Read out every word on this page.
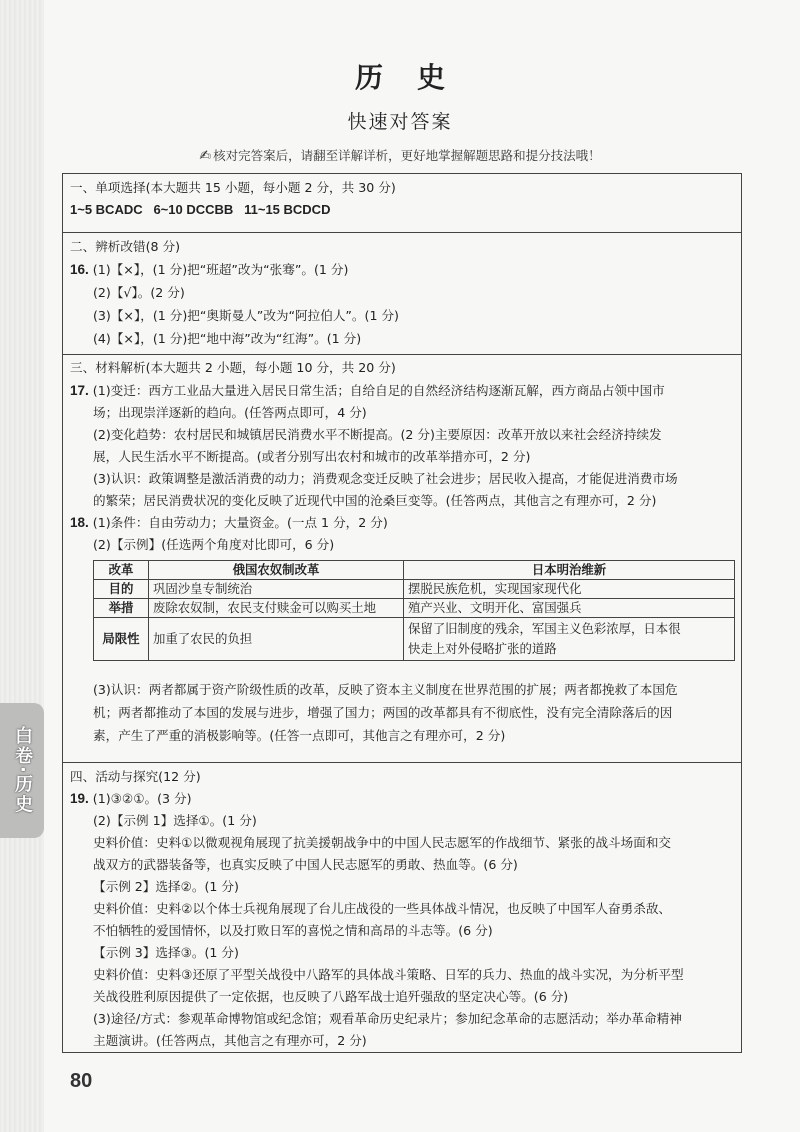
历史
快速对答案
✍ 核对完答案后，请翻至详解详析，更好地掌握解题思路和提分技法哦！
一、单项选择(本大题共 15 小题，每小题 2 分，共 30 分)
1~5 BCADC   6~10 DCCBB   11~15 BCDCD
二、辨析改错(8 分)
16. (1)【×】，(1 分)把“班超”改为“张骞”。(1 分)
(2)【√】。(2 分)
(3)【×】，(1 分)把“奥斯曼人”改为“阿拉伯人”。(1 分)
(4)【×】，(1 分)把“地中海”改为“红海”。(1 分)
三、材料解析(本大题共 2 小题，每小题 10 分，共 20 分)
17. (1)变迁：西方工业品大量进入居民日常生活；自给自足的自然经济结构逐渐瓦解，西方商品占领中国市
场；出现崇洋逐新的趋向。(任答两点即可，4 分)
(2)变化趋势：农村居民和城镇居民消费水平不断提高。(2 分)主要原因：改革开放以来社会经济持续发
展，人民生活水平不断提高。(或者分别写出农村和城市的改革举措亦可，2 分)
(3)认识：政策调整是激活消费的动力；消费观念变迁反映了社会进步；居民收入提高，才能促进消费市场
的繁荣；居民消费状况的变化反映了近现代中国的沧桑巨变等。(任答两点，其他言之有理亦可，2 分)
18. (1)条件：自由劳动力；大量资金。(一点 1 分，2 分)
(2)【示例】(任选两个角度对比即可，6 分)
改革	俄国农奴制改革	日本明治维新
目的	巩固沙皇专制统治	摆脱民族危机，实现国家现代化
举措	废除农奴制，农民支付赎金可以购买土地	殖产兴业、文明开化、富国强兵
局限性	加重了农民的负担	保留了旧制度的残余，军国主义色彩浓厚，日本很
快走上对外侵略扩张的道路
(3)认识：两者都属于资产阶级性质的改革，反映了资本主义制度在世界范围的扩展；两者都挽救了本国危
机；两者都推动了本国的发展与进步，增强了国力；两国的改革都具有不彻底性，没有完全清除落后的因
素，产生了严重的消极影响等。(任答一点即可，其他言之有理亦可，2 分)
四、活动与探究(12 分)
19. (1)③②①。(3 分)
(2)【示例 1】选择①。(1 分)
史料价值：史料①以微观视角展现了抗美援朝战争中的中国人民志愿军的作战细节、紧张的战斗场面和交
战双方的武器装备等，也真实反映了中国人民志愿军的勇敢、热血等。(6 分)
【示例 2】选择②。(1 分)
史料价值：史料②以个体士兵视角展现了台儿庄战役的一些具体战斗情况，也反映了中国军人奋勇杀敌、
不怕牺牲的爱国情怀，以及打败日军的喜悦之情和高昂的斗志等。(6 分)
【示例 3】选择③。(1 分)
史料价值：史料③还原了平型关战役中八路军的具体战斗策略、日军的兵力、热血的战斗实况，为分析平型
关战役胜利原因提供了一定依据，也反映了八路军战士追歼强敌的坚定决心等。(6 分)
(3)途径/方式：参观革命博物馆或纪念馆；观看革命历史纪录片；参加纪念革命的志愿活动；举办革命精神
主题演讲。(任答两点，其他言之有理亦可，2 分)
白卷·历史
80
